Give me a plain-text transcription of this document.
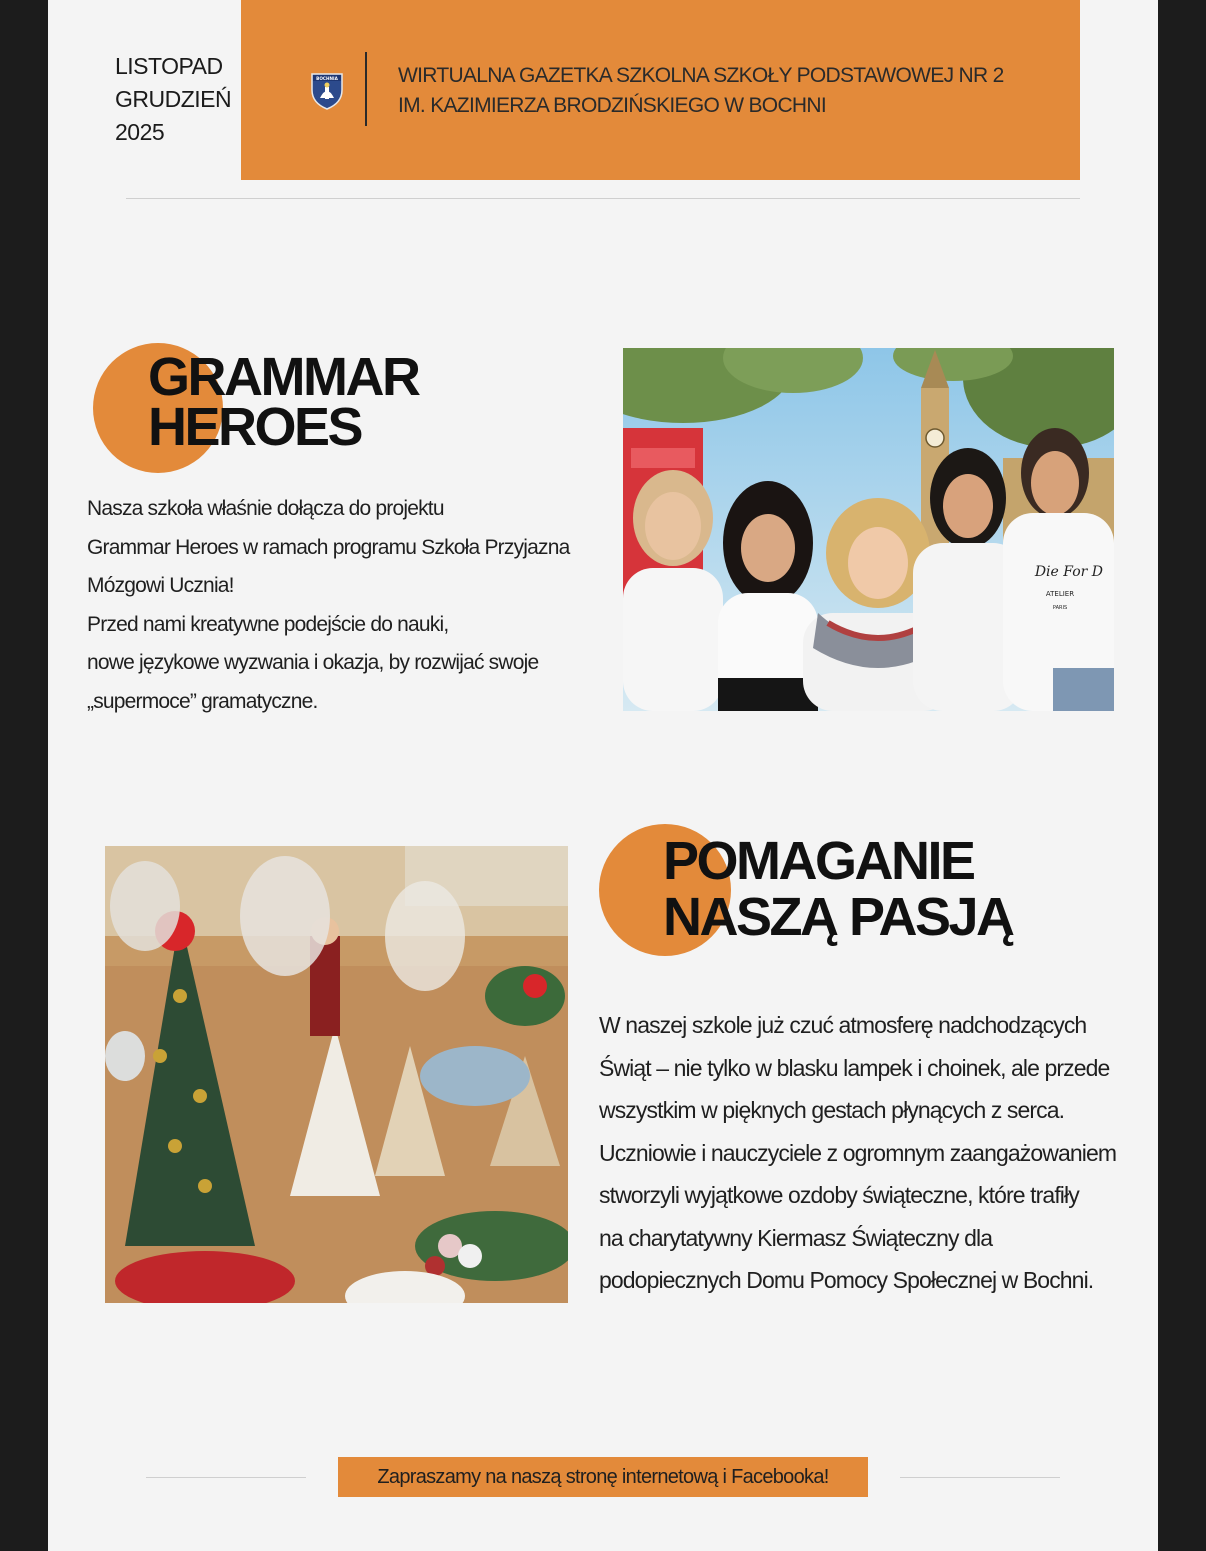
LISTOPAD
GRUDZIEŃ
2025
BOCHNIA	WIRTUALNA GAZETKA SZKOLNA SZKOŁY PODSTAWOWEJ NR 2
IM. KAZIMIERZA BRODZIŃSKIEGO W BOCHNI
GRAMMAR
HEROES
Nasza szkoła właśnie dołącza do projektu
Grammar Heroes w ramach programu Szkoła Przyjazna
Mózgowi Ucznia!
Przed nami kreatywne podejście do nauki,
nowe językowe wyzwania i okazja, by rozwijać swoje
„supermoce” gramatyczne.
Die For D
ATELIER
PARIS
POMAGANIE
NASZĄ PASJĄ
W naszej szkole już czuć atmosferę nadchodzących
Świąt – nie tylko w blasku lampek i choinek, ale przede
wszystkim w pięknych gestach płynących z serca.
Uczniowie i nauczyciele z ogromnym zaangażowaniem
stworzyli wyjątkowe ozdoby świąteczne, które trafiły
na charytatywny Kiermasz Świąteczny dla
podopiecznych Domu Pomocy Społecznej w Bochni.
Zapraszamy na naszą stronę internetową i Facebooka!
